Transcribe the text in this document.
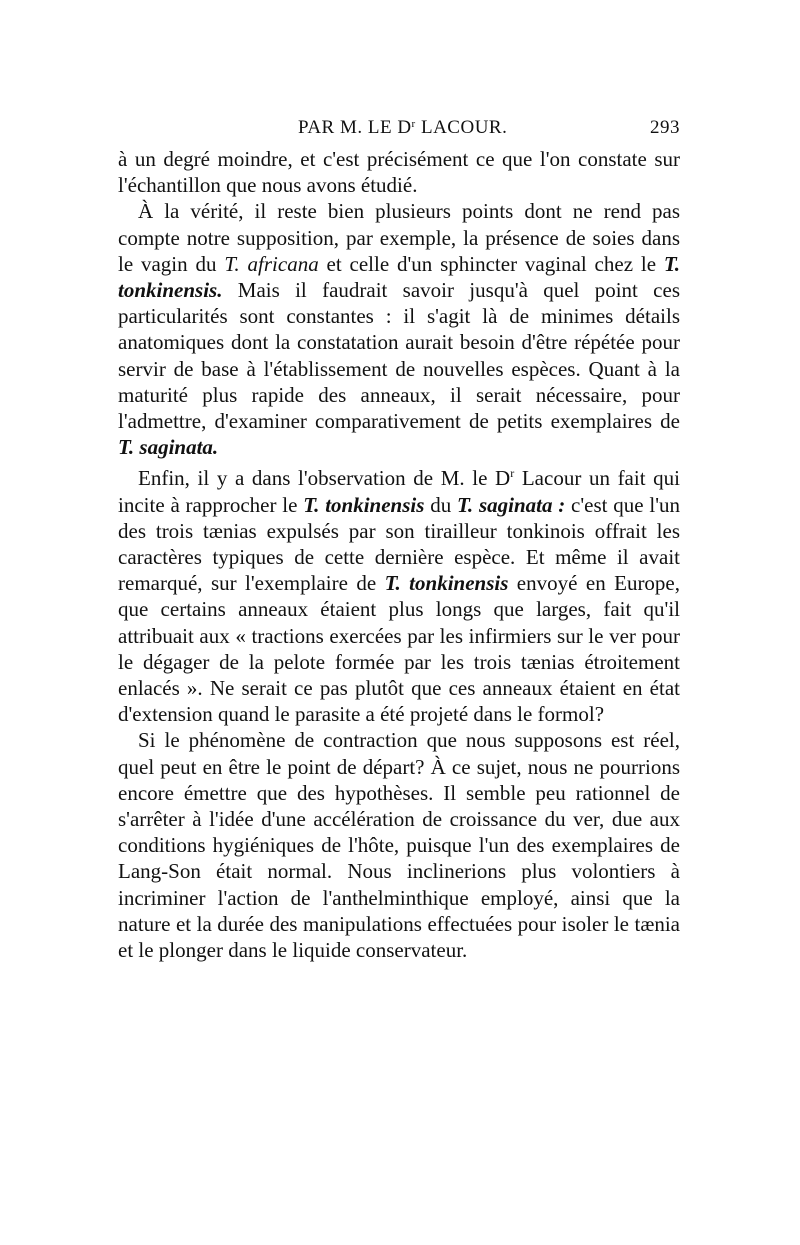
PAR M. LE $D^r$ LACOUR.	293

à un degré moindre, et c'est précisément ce que l'on constate sur l'échantillon que nous avons étudié.

À la vérité, il reste bien plusieurs points dont ne rend pas compte notre supposition, par exemple, la présence de soies dans le vagin du T. africana et celle d'un sphincter vaginal chez le T. tonkinensis. Mais il faudrait savoir jusqu'à quel point ces particularités sont constantes : il s'agit là de minimes détails anatomiques dont la constatation aurait besoin d'être répétée pour servir de base à l'établissement de nouvelles espèces. Quant à la maturité plus rapide des anneaux, il serait nécessaire, pour l'admettre, d'examiner comparativement de petits exemplaires de T. saginata.

Enfin, il y a dans l'observation de M. le $D^r$ Lacour un fait qui incite à rapprocher le T. tonkinensis du T. saginata : c'est que l'un des trois tænias expulsés par son tirailleur tonkinois offrait les caractères typiques de cette dernière espèce. Et même il avait remarqué, sur l'exemplaire de T. tonkinensis envoyé en Europe, que certains anneaux étaient plus longs que larges, fait qu'il attribuait aux « tractions exercées par les infirmiers sur le ver pour le dégager de la pelote formée par les trois tænias étroitement enlacés ». Ne serait ce pas plutôt que ces anneaux étaient en état d'extension quand le parasite a été projeté dans le formol?

Si le phénomène de contraction que nous supposons est réel, quel peut en être le point de départ? À ce sujet, nous ne pourrions encore émettre que des hypothèses. Il semble peu rationnel de s'arrêter à l'idée d'une accélération de croissance du ver, due aux conditions hygiéniques de l'hôte, puisque l'un des exemplaires de Lang-Son était normal. Nous inclinerions plus volontiers à incriminer l'action de l'anthelminthique employé, ainsi que la nature et la durée des manipulations effectuées pour isoler le tænia et le plonger dans le liquide conservateur.
